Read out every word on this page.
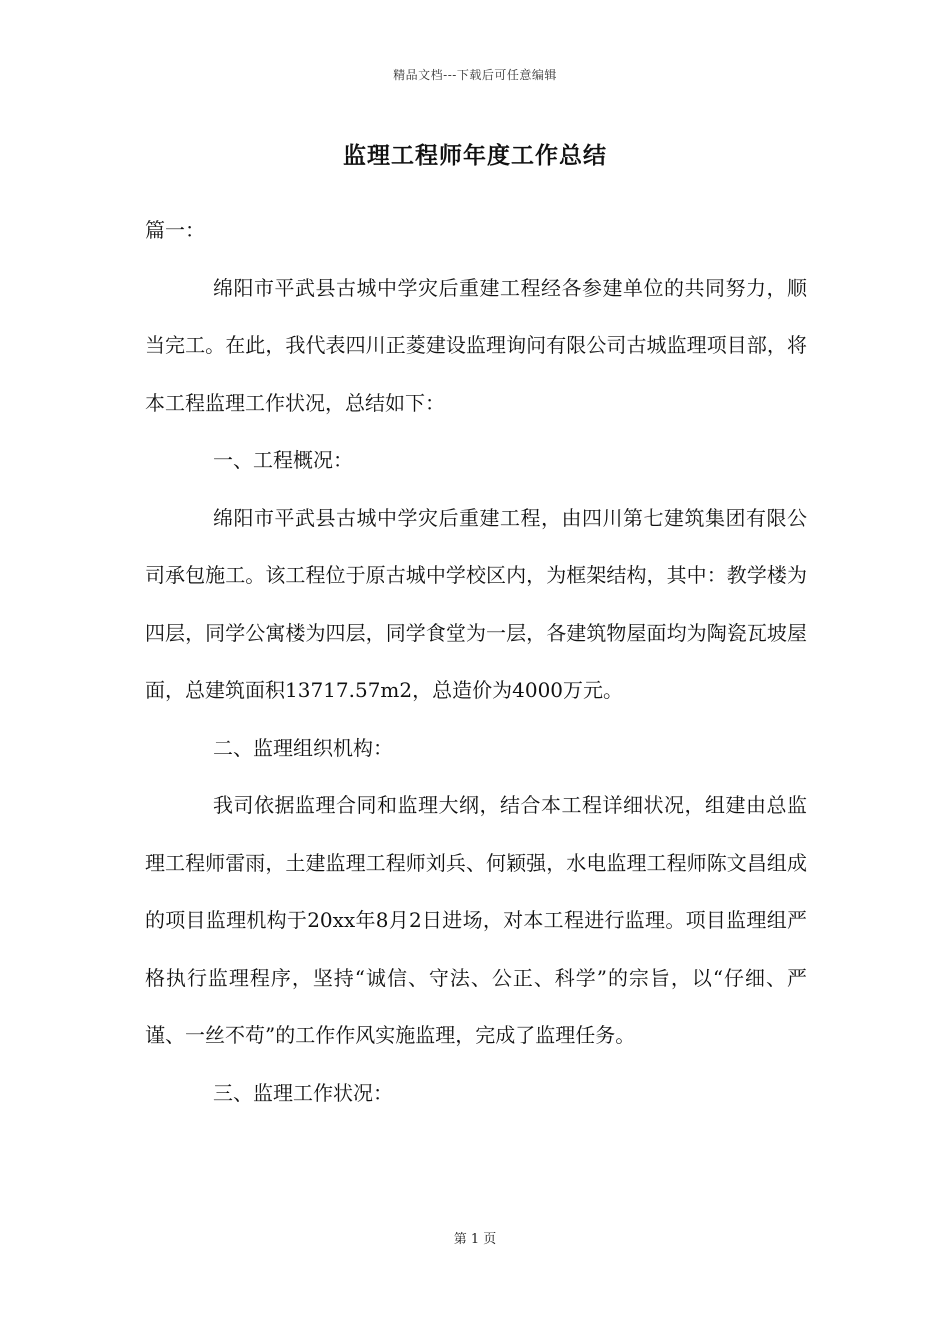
精品文档---下载后可任意编辑
监理工程师年度工作总结

篇一：

绵阳市平武县古城中学灾后重建工程经各参建单位的共同努力，顺当完工。在此，我代表四川正菱建设监理询问有限公司古城监理项目部，将本工程监理工作状况，总结如下：

一、工程概况：

绵阳市平武县古城中学灾后重建工程，由四川第七建筑集团有限公司承包施工。该工程位于原古城中学校区内，为框架结构，其中：教学楼为四层，同学公寓楼为四层，同学食堂为一层，各建筑物屋面均为陶瓷瓦坡屋面，总建筑面积13717.57m2，总造价为4000万元。

二、监理组织机构：

我司依据监理合同和监理大纲，结合本工程详细状况，组建由总监理工程师雷雨，土建监理工程师刘兵、何颖强，水电监理工程师陈文昌组成的项目监理机构于20xx年8月2日进场，对本工程进行监理。项目监理组严格执行监理程序，坚持“诚信、守法、公正、科学”的宗旨，以“仔细、严谨、一丝不苟”的工作作风实施监理，完成了监理任务。

三、监理工作状况：

第 1 页
